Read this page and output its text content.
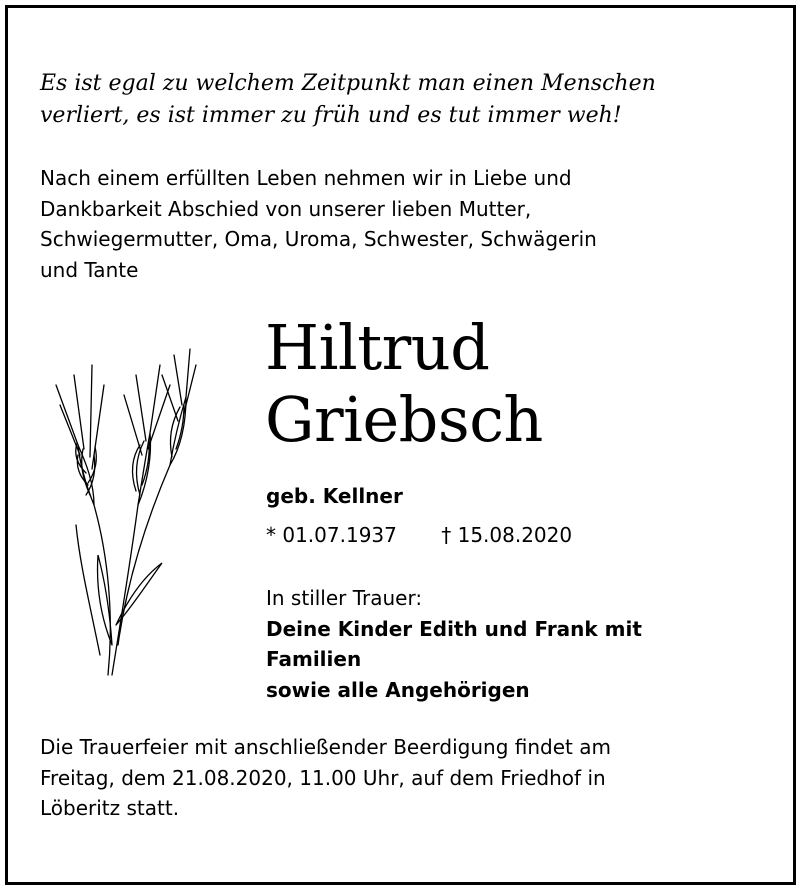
Es ist egal zu welchem Zeitpunkt man einen Menschen
verliert, es ist immer zu früh und es tut immer weh!
Nach einem erfüllten Leben nehmen wir in Liebe und
Dankbarkeit Abschied von unserer lieben Mutter,
Schwiegermutter, Oma, Uroma, Schwester, Schwägerin
und Tante
Hiltrud
Griebsch
geb. Kellner
* 01.07.1937 † 15.08.2020
In stiller Trauer:
Deine Kinder Edith und Frank mit
Familien
sowie alle Angehörigen
Die Trauerfeier mit anschließender Beerdigung findet am
Freitag, dem 21.08.2020, 11.00 Uhr, auf dem Friedhof in
Löberitz statt.
